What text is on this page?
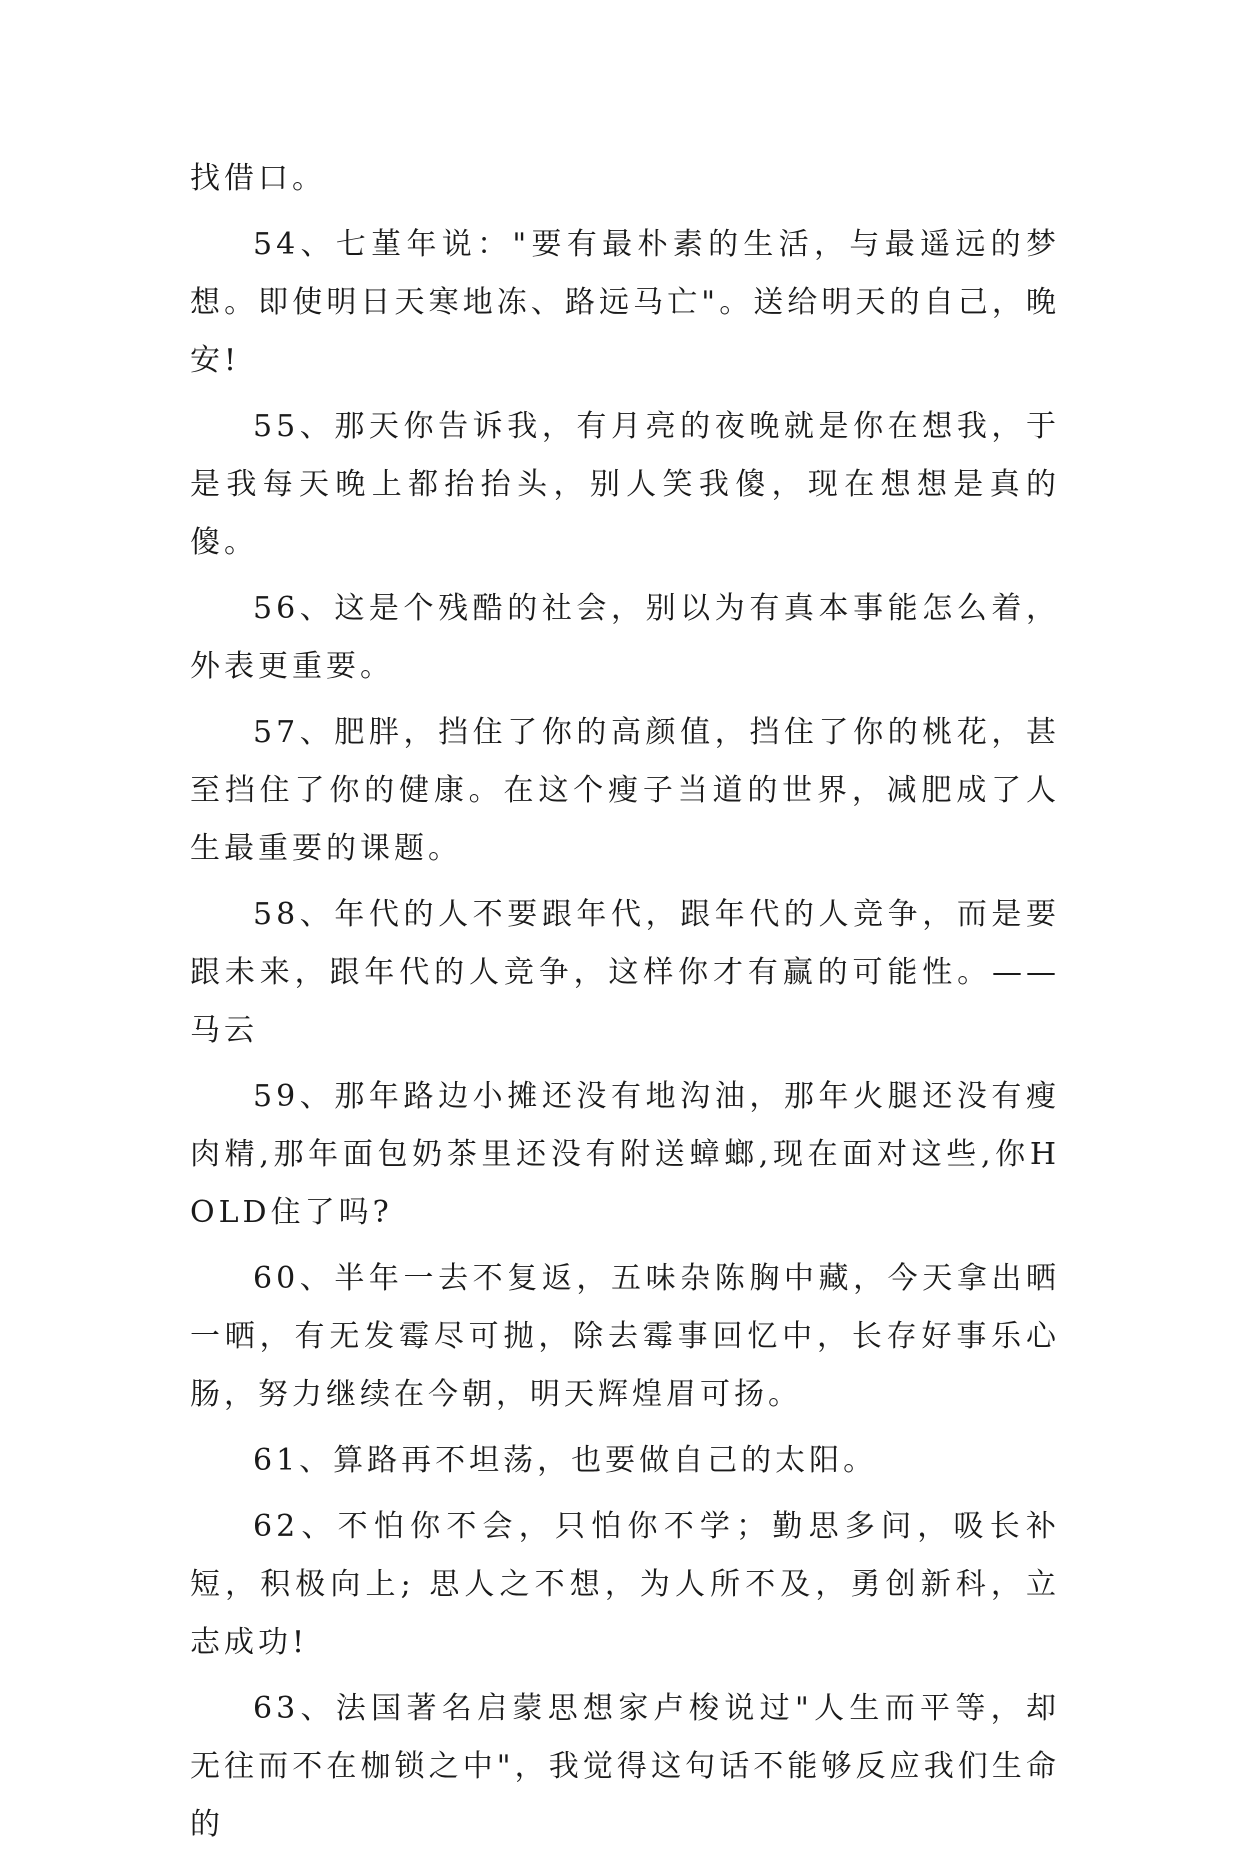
找借口。

54、七堇年说："要有最朴素的生活，与最遥远的梦想。即使明日天寒地冻、路远马亡"。送给明天的自己，晚安!

55、那天你告诉我，有月亮的夜晚就是你在想我，于是我每天晚上都抬抬头，别人笑我傻，现在想想是真的傻。

56、这是个残酷的社会，别以为有真本事能怎么着，外表更重要。

57、肥胖，挡住了你的高颜值，挡住了你的桃花，甚至挡住了你的健康。在这个瘦子当道的世界，减肥成了人生最重要的课题。

58、年代的人不要跟年代，跟年代的人竞争，而是要跟未来，跟年代的人竞争，这样你才有赢的可能性。—— 马云

59、那年路边小摊还没有地沟油，那年火腿还没有瘦肉精,那年面包奶茶里还没有附送蟑螂,现在面对这些,你HOLD住了吗?

60、半年一去不复返，五味杂陈胸中藏，今天拿出晒一晒，有无发霉尽可抛，除去霉事回忆中，长存好事乐心肠，努力继续在今朝，明天辉煌眉可扬。

61、算路再不坦荡，也要做自己的太阳。

62、不怕你不会，只怕你不学；勤思多问，吸长补短，积极向上; 思人之不想，为人所不及，勇创新科，立志成功!

63、法国著名启蒙思想家卢梭说过"人生而平等，却无往而不在枷锁之中"，我觉得这句话不能够反应我们生命的
